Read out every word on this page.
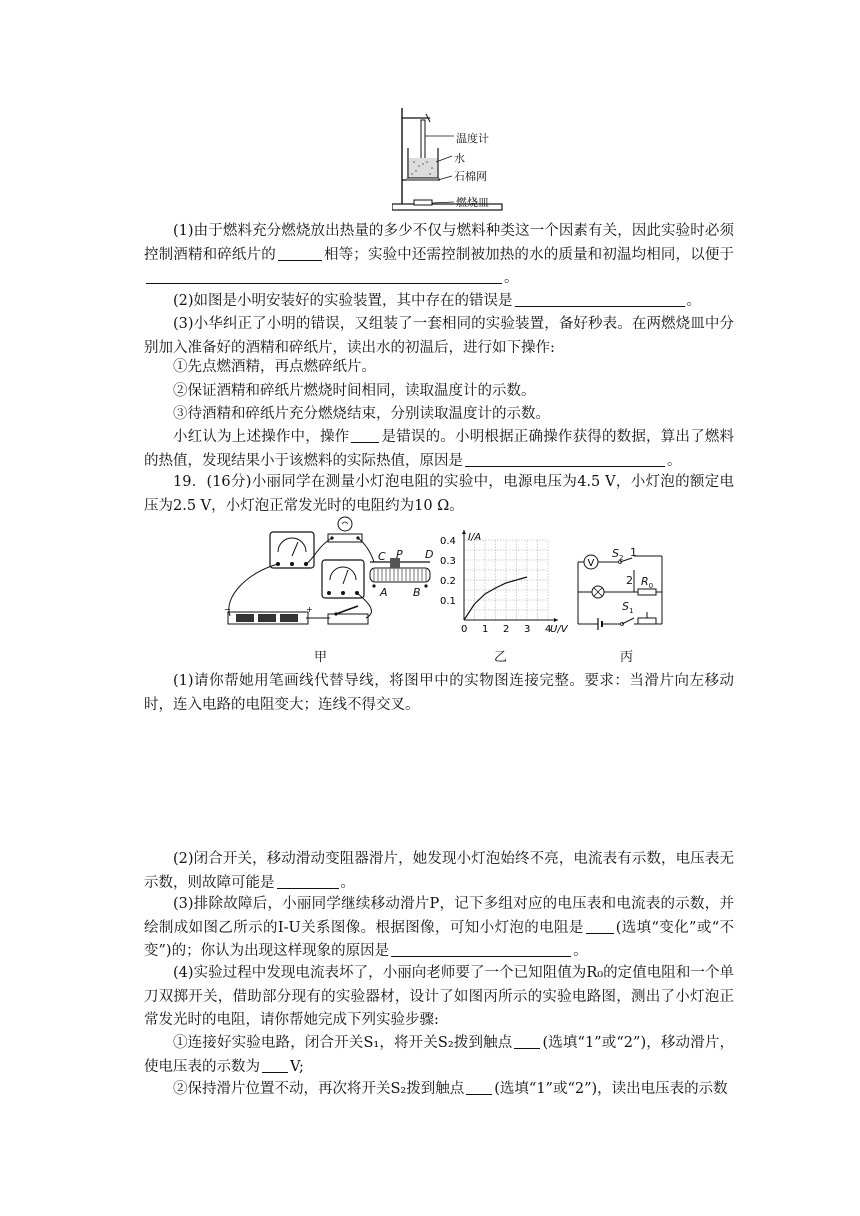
温度计
水
石棉网
燃烧皿
(1)由于燃料充分燃烧放出热量的多少不仅与燃料种类这一个因素有关，因此实验时必须控制酒精和碎纸片的	相等；实验中还需控制被加热的水的质量和初温均相同，以便于。
(2)如图是小明安装好的实验装置，其中存在的错误是	。
(3)小华纠正了小明的错误，又组装了一套相同的实验装置，备好秒表。在两燃烧皿中分别加入准备好的酒精和碎纸片，读出水的初温后，进行如下操作:
①先点燃酒精，再点燃碎纸片。
②保证酒精和碎纸片燃烧时间相同，读取温度计的示数。
③待酒精和碎纸片充分燃烧结束，分别读取温度计的示数。
小红认为上述操作中，操作 是错误的。小明根据正确操作获得的数据，算出了燃料的热值，发现结果小于该燃料的实际热值，原因是	。
19．(16分)小丽同学在测量小灯泡电阻的实验中，电源电压为4.5 V，小灯泡的额定电压为2.5 V，小灯泡正常发光时的电阻约为10 Ω。
+
−
C P D
A B
0 1 2 3 4
0.1
0.2
0.3
0.4
U/V
I/A
V
$S_2$ 1
2 $R_0$
$S_1$
甲	乙	丙
(1)请你帮她用笔画线代替导线，将图甲中的实物图连接完整。要求：当滑片向左移动时，连入电路的电阻变大；连线不得交叉。
(2)闭合开关，移动滑动变阻器滑片，她发现小灯泡始终不亮，电流表有示数，电压表无示数，则故障可能是	。
(3)排除故障后，小丽同学继续移动滑片P，记下多组对应的电压表和电流表的示数，并绘制成如图乙所示的I-U关系图像。根据图像，可知小灯泡的电阻是 (选填“变化”或“不变”)的；你认为出现这样现象的原因是	。
(4)实验过程中发现电流表坏了，小丽向老师要了一个已知阻值为R₀的定值电阻和一个单刀双掷开关，借助部分现有的实验器材，设计了如图丙所示的实验电路图，测出了小灯泡正常发光时的电阻，请你帮她完成下列实验步骤:
①连接好实验电路，闭合开关S₁，将开关S₂拨到触点 (选填“1”或“2”)，移动滑片，使电压表的示数为 V;
②保持滑片位置不动，再次将开关S₂拨到触点 (选填“1”或“2”)，读出电压表的示数
